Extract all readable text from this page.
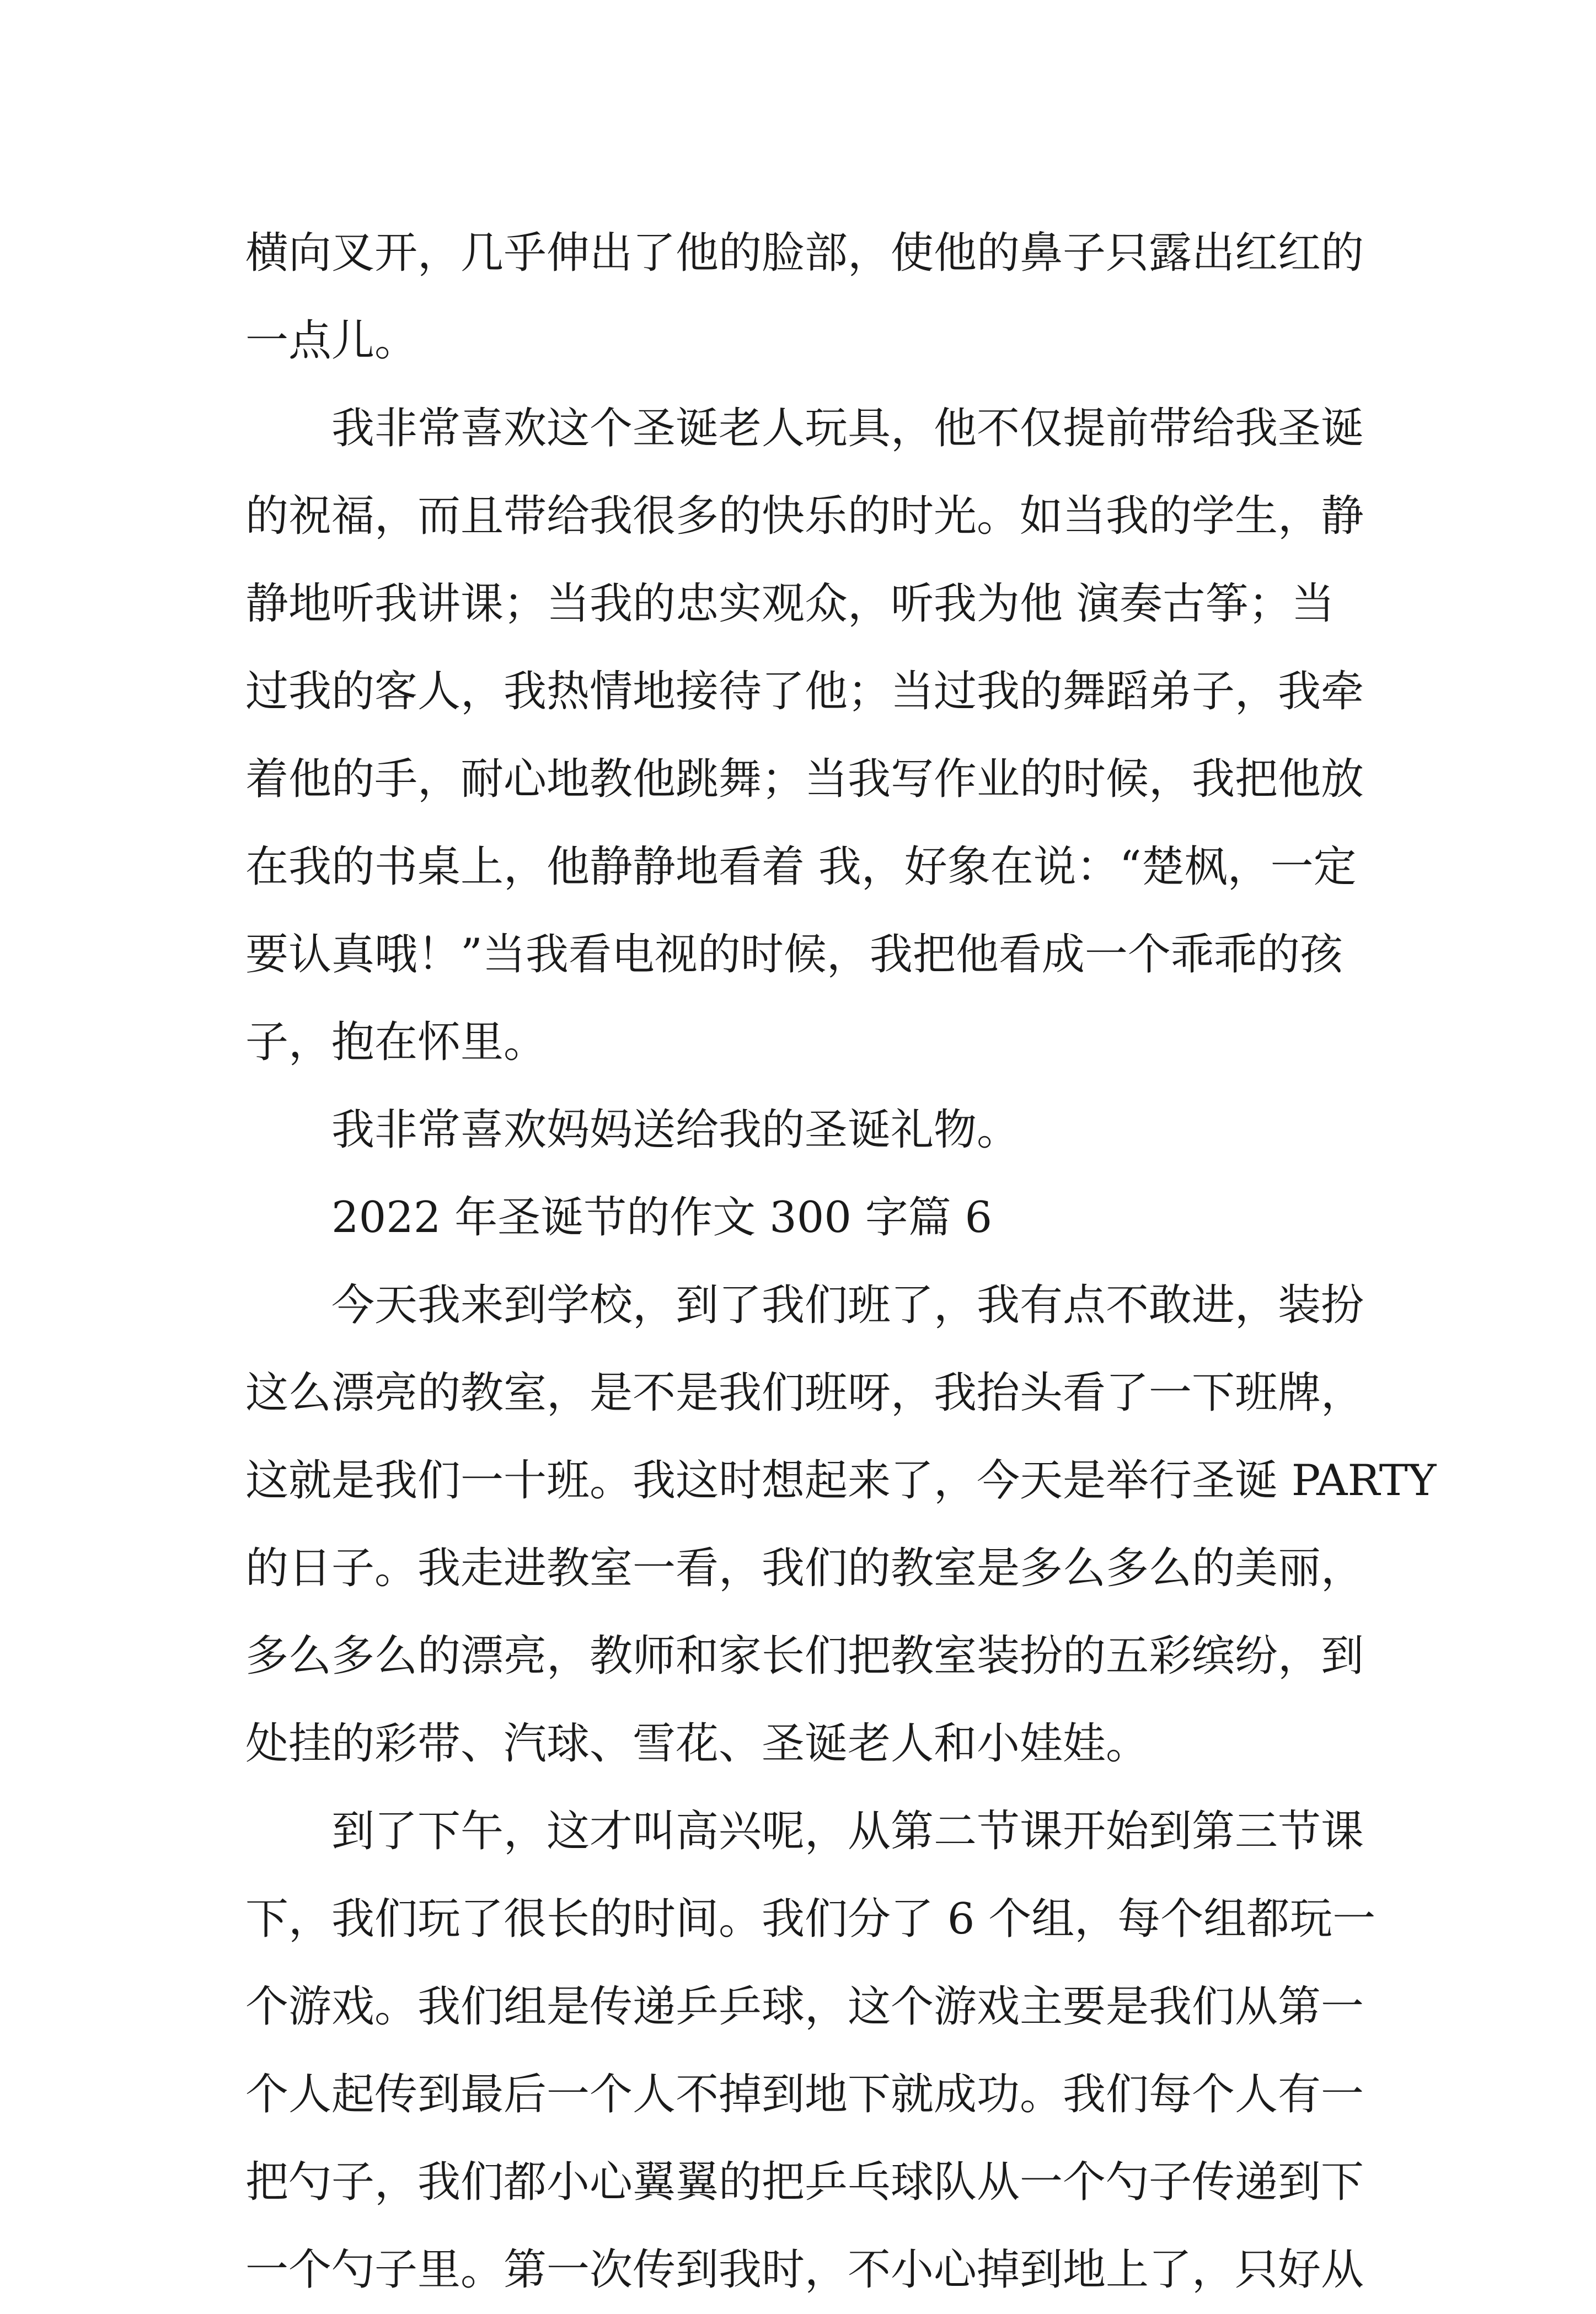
横向叉开，几乎伸出了他的脸部，使他的鼻子只露出红红的
一点儿。
我非常喜欢这个圣诞老人玩具，他不仅提前带给我圣诞
的祝福，而且带给我很多的快乐的时光。如当我的学生，静
静地听我讲课；当我的忠实观众，听我为他 演奏古筝；当
过我的客人，我热情地接待了他；当过我的舞蹈弟子，我牵
着他的手，耐心地教他跳舞；当我写作业的时候，我把他放
在我的书桌上，他静静地看着 我，好象在说：“楚枫，一定
要认真哦！”当我看电视的时候，我把他看成一个乖乖的孩
子，抱在怀里。
我非常喜欢妈妈送给我的圣诞礼物。
2022 年圣诞节的作文 300 字篇 6
今天我来到学校，到了我们班了，我有点不敢进，装扮
这么漂亮的教室，是不是我们班呀，我抬头看了一下班牌，
这就是我们一十班。我这时想起来了，今天是举行圣诞 PARTY
的日子。我走进教室一看，我们的教室是多么多么的美丽，
多么多么的漂亮，教师和家长们把教室装扮的五彩缤纷，到
处挂的彩带、汽球、雪花、圣诞老人和小娃娃。
到了下午，这才叫高兴呢，从第二节课开始到第三节课
下，我们玩了很长的时间。我们分了 6 个组，每个组都玩一
个游戏。我们组是传递乒乒球，这个游戏主要是我们从第一
个人起传到最后一个人不掉到地下就成功。我们每个人有一
把勺子，我们都小心翼翼的把乒乓球队从一个勺子传递到下
一个勺子里。第一次传到我时，不小心掉到地上了，只好从
